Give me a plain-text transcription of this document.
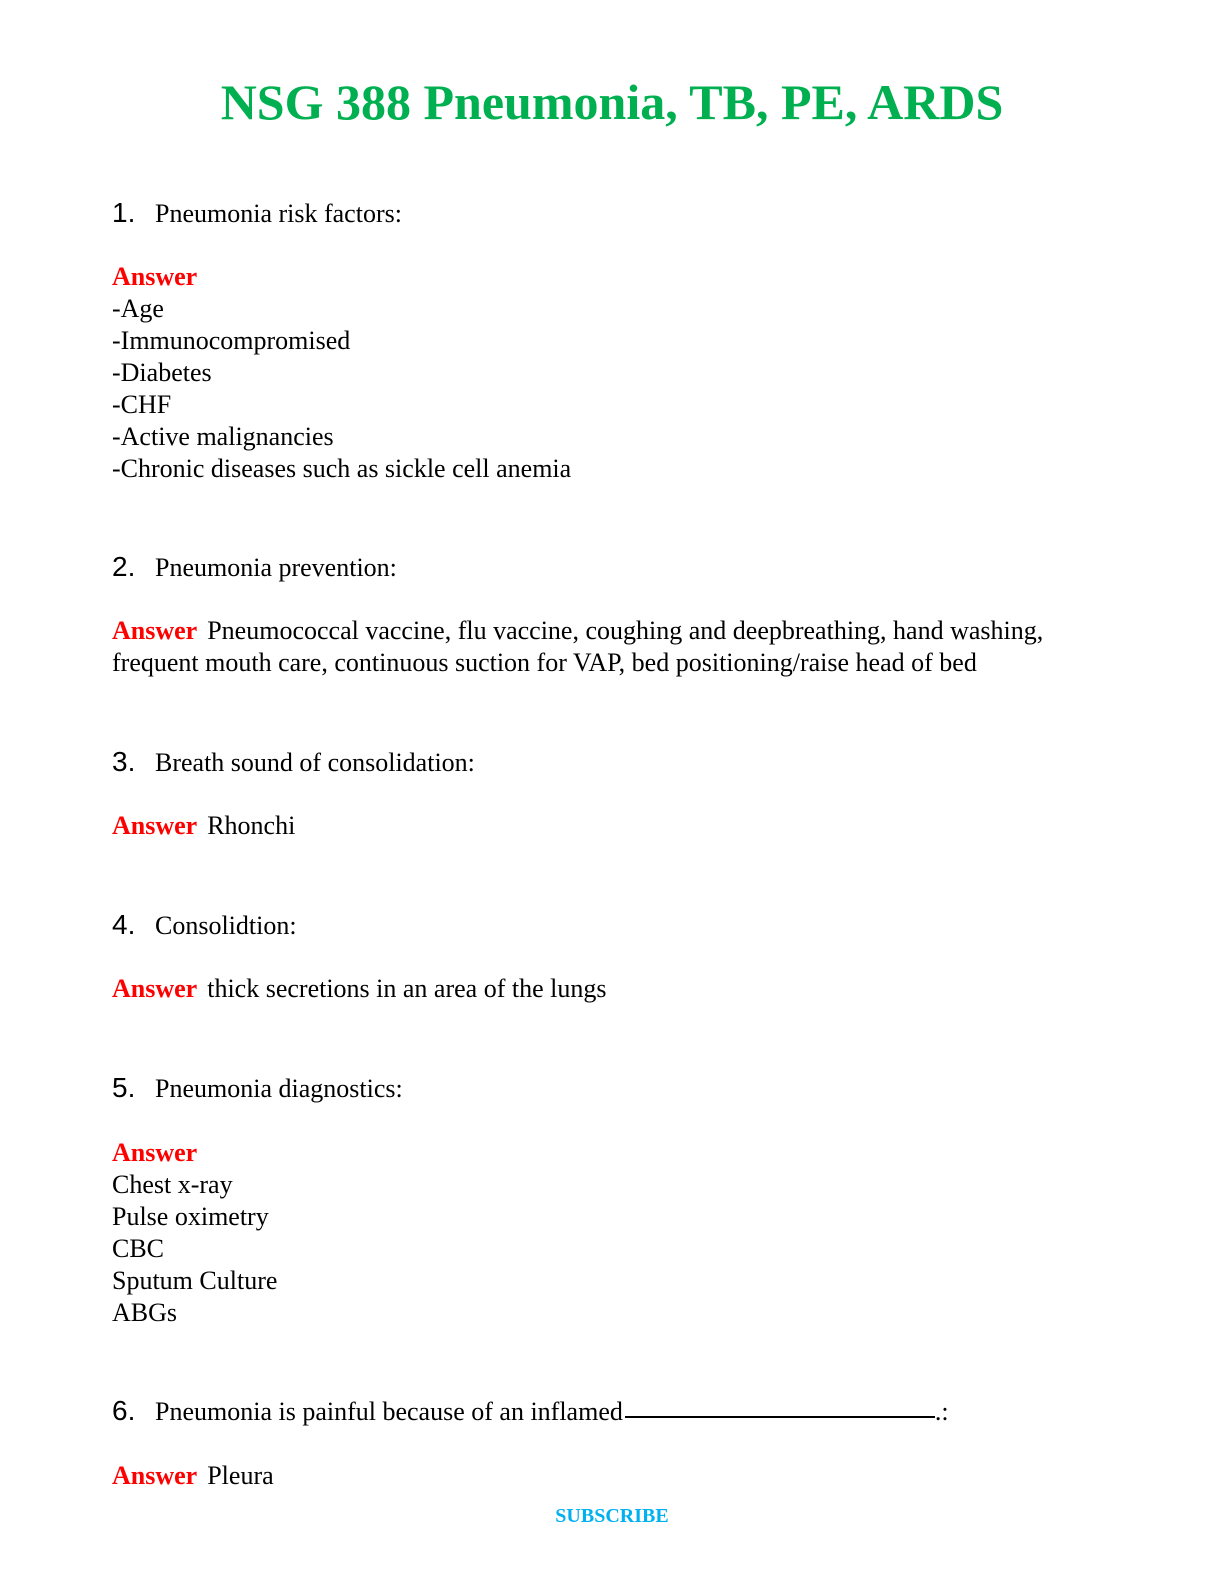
NSG 388 Pneumonia, TB, PE, ARDS
1. Pneumonia risk factors:
Answer
-Age
-Immunocompromised
-Diabetes
-CHF
-Active malignancies
-Chronic diseases such as sickle cell anemia
2. Pneumonia prevention:
Answer Pneumococcal vaccine, flu vaccine, coughing and deepbreathing, hand washing, frequent mouth care, continuous suction for VAP, bed positioning/raise head of bed
3. Breath sound of consolidation:
Answer Rhonchi
4. Consolidtion:
Answer thick secretions in an area of the lungs
5. Pneumonia diagnostics:
Answer
Chest x-ray
Pulse oximetry
CBC
Sputum Culture
ABGs
6. Pneumonia is painful because of an inflamed	.:
Answer Pleura
SUBSCRIBE
